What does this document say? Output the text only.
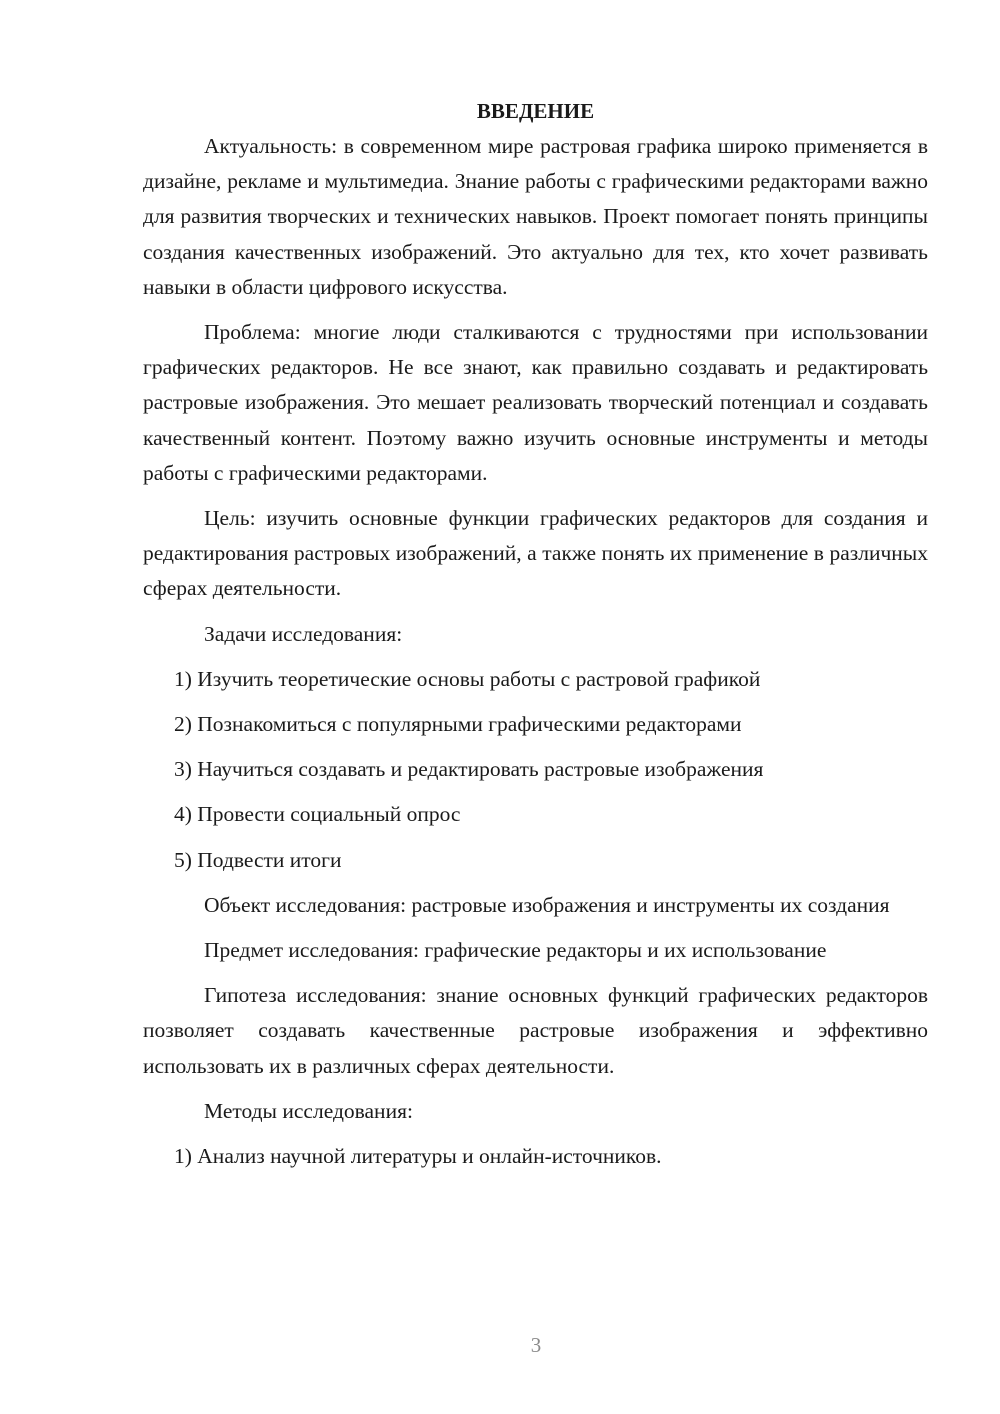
ВВЕДЕНИЕ

Актуальность: в современном мире растровая графика широко применяется в дизайне, рекламе и мультимедиа. Знание работы с графическими редакторами важно для развития творческих и технических навыков. Проект помогает понять принципы создания качественных изображений. Это актуально для тех, кто хочет развивать навыки в области цифрового искусства.

Проблема: многие люди сталкиваются с трудностями при использовании графических редакторов. Не все знают, как правильно создавать и редактировать растровые изображения. Это мешает реализовать творческий потенциал и создавать качественный контент. Поэтому важно изучить основные инструменты и методы работы с графическими редакторами.

Цель: изучить основные функции графических редакторов для создания и редактирования растровых изображений, а также понять их применение в различных сферах деятельности.

Задачи исследования:

1) Изучить теоретические основы работы с растровой графикой

2) Познакомиться с популярными графическими редакторами

3) Научиться создавать и редактировать растровые изображения

4) Провести социальный опрос

5) Подвести итоги

Объект исследования: растровые изображения и инструменты их создания

Предмет исследования: графические редакторы и их использование

Гипотеза исследования: знание основных функций графических редакторов позволяет создавать качественные растровые изображения и эффективно использовать их в различных сферах деятельности.

Методы исследования:

1) Анализ научной литературы и онлайн-источников.

3
